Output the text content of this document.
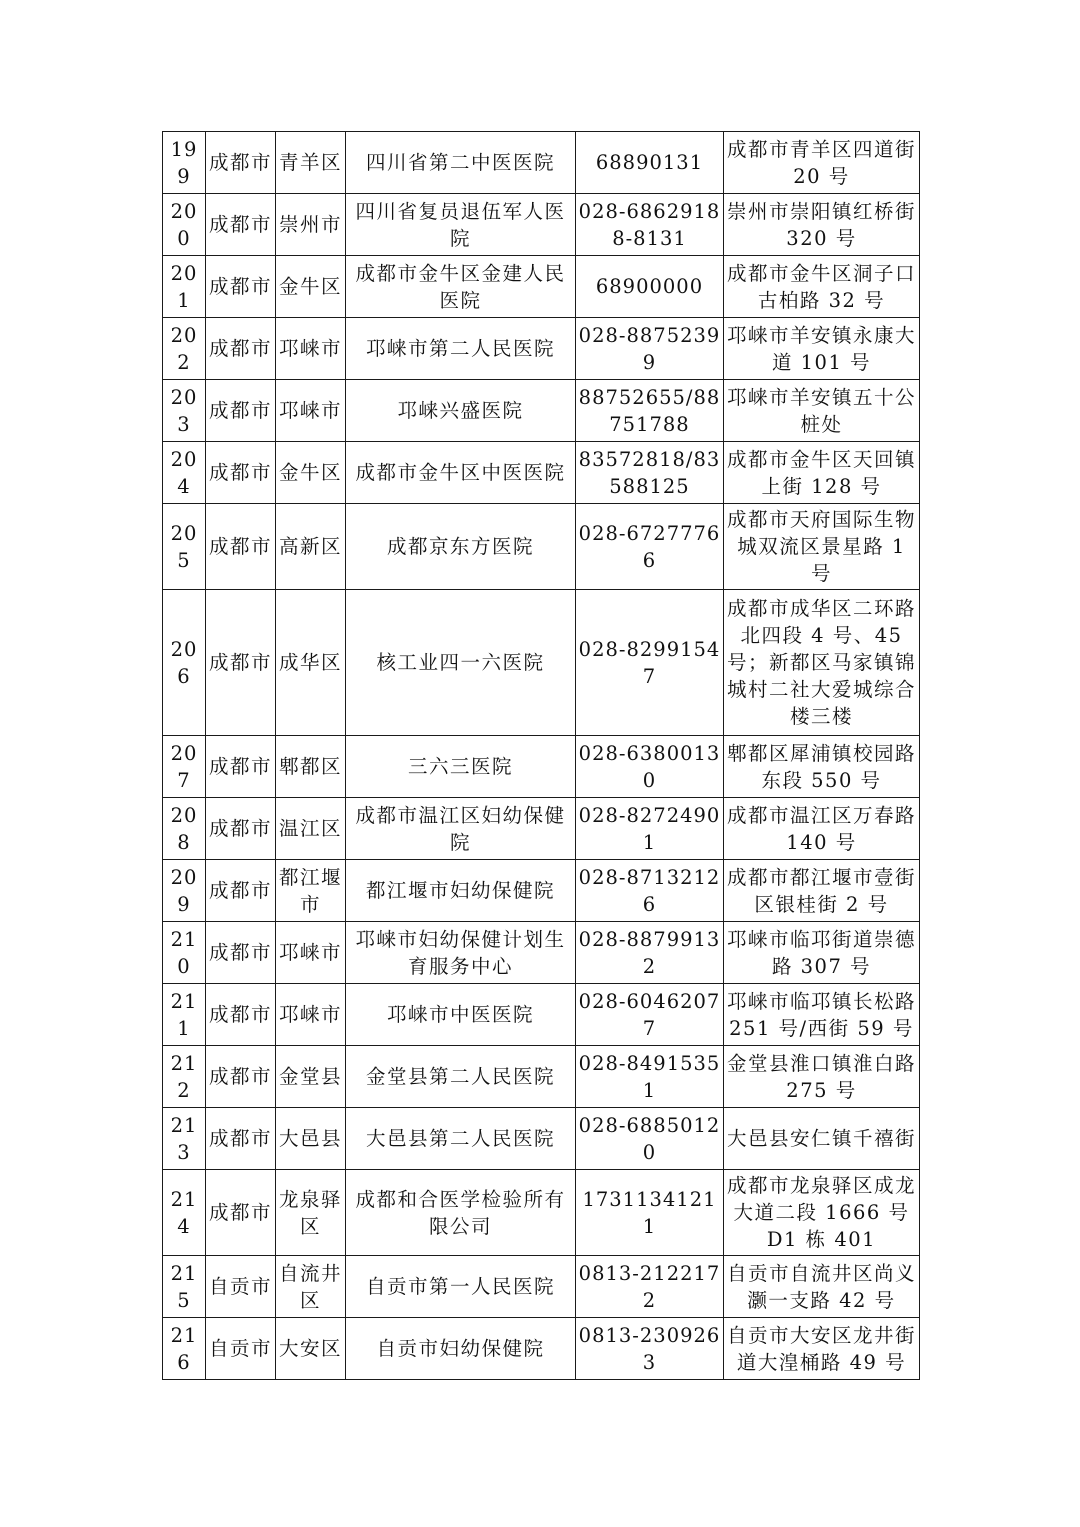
199	成都市	青羊区	四川省第二中医医院	68890131	成都市青羊区四道街 20 号
200	成都市	崇州市	四川省复员退伍军人医院	028-68629188-8131	崇州市崇阳镇红桥街 320 号
201	成都市	金牛区	成都市金牛区金建人民医院	68900000	成都市金牛区洞子口古柏路 32 号
202	成都市	邛崃市	邛崃市第二人民医院	028-88752399	邛崃市羊安镇永康大道 101 号
203	成都市	邛崃市	邛崃兴盛医院	88752655/88751788	邛崃市羊安镇五十公桩处
204	成都市	金牛区	成都市金牛区中医医院	83572818/83588125	成都市金牛区天回镇上街 128 号
205	成都市	高新区	成都京东方医院	028-67277766	成都市天府国际生物城双流区景星路 1 号
206	成都市	成华区	核工业四一六医院	028-82991547	成都市成华区二环路北四段 4 号、45 号；新都区马家镇锦城村二社大爱城综合楼三楼
207	成都市	郫都区	三六三医院	028-63800130	郫都区犀浦镇校园路东段 550 号
208	成都市	温江区	成都市温江区妇幼保健院	028-82724901	成都市温江区万春路 140 号
209	成都市	都江堰市	都江堰市妇幼保健院	028-87132126	成都市都江堰市壹街区银桂街 2 号
210	成都市	邛崃市	邛崃市妇幼保健计划生育服务中心	028-88799132	邛崃市临邛街道崇德路 307 号
211	成都市	邛崃市	邛崃市中医医院	028-60462077	邛崃市临邛镇长松路 251 号/西街 59 号
212	成都市	金堂县	金堂县第二人民医院	028-84915351	金堂县淮口镇淮白路 275 号
213	成都市	大邑县	大邑县第二人民医院	028-68850120	大邑县安仁镇千禧街
214	成都市	龙泉驿区	成都和合医学检验所有限公司	17311341211	成都市龙泉驿区成龙大道二段 1666 号 D1 栋 401
215	自贡市	自流井区	自贡市第一人民医院	0813-2122172	自贡市自流井区尚义灏一支路 42 号
216	自贡市	大安区	自贡市妇幼保健院	0813-2309263	自贡市大安区龙井街道大湟桶路 49 号
